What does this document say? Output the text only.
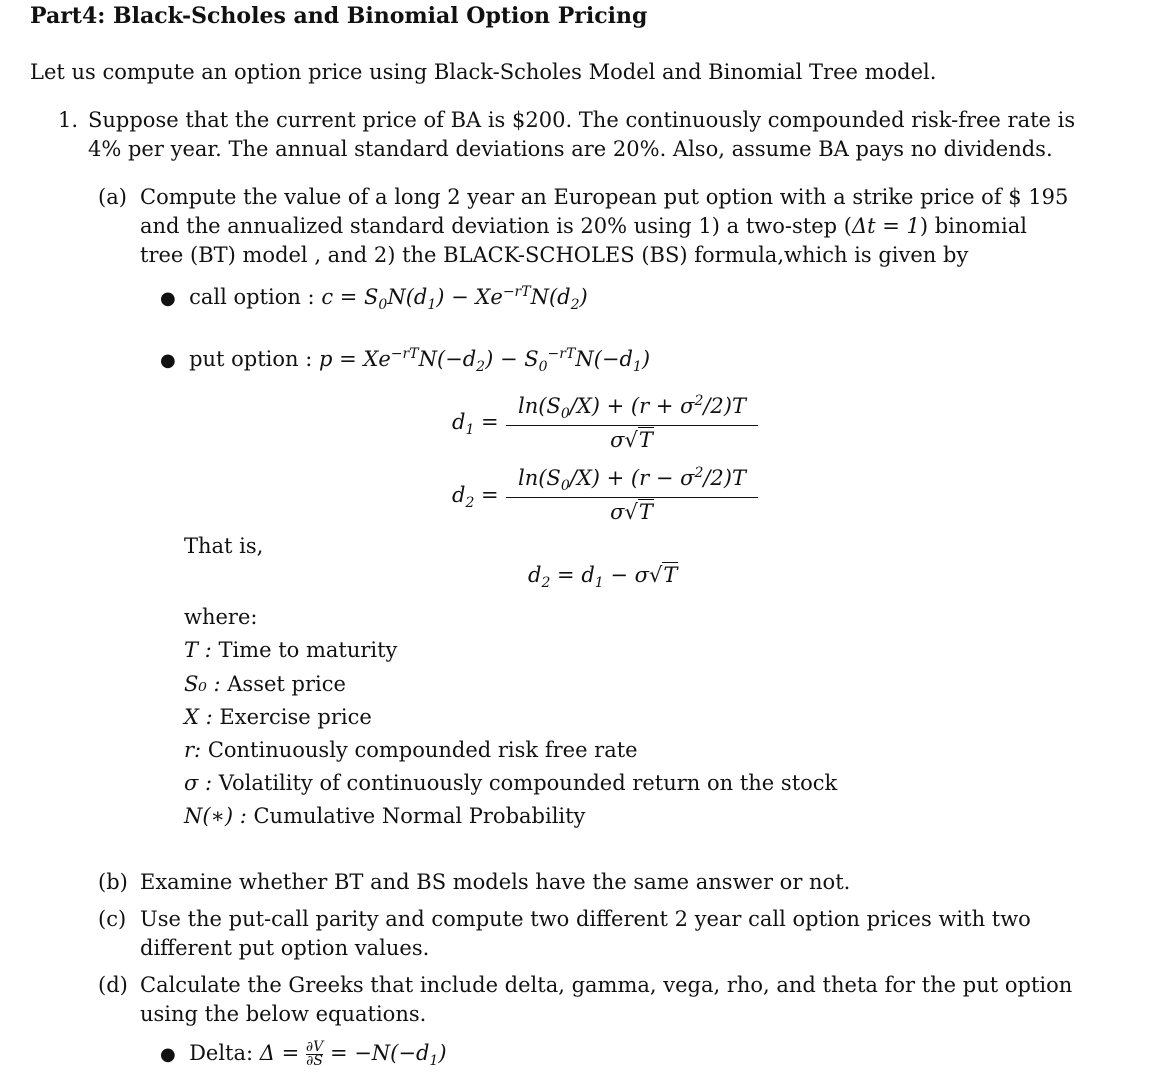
Part4: Black-Scholes and Binomial Option Pricing
Let us compute an option price using Black-Scholes Model and Binomial Tree model.
1. Suppose that the current price of BA is $200. The continuously compounded risk-free rate is
4% per year. The annual standard deviations are 20%. Also, assume BA pays no dividends.
(a) Compute the value of a long 2 year an European put option with a strike price of $ 195
and the annualized standard deviation is 20% using 1) a two-step (Δt = 1) binomial
tree (BT) model , and 2) the BLACK-SCHOLES (BS) formula,which is given by
● call option : $c = S_0N(d_1) - Xe^{-rT}N(d_2)$
● put option : $p = Xe^{-rT}N(-d_2) - S_0^{-rT}N(-d_1)$
$d_1 = \frac{\ln(S_0/X) + (r + \sigma^2/2)T}{\sigma√T}$
$d_2 = \frac{\ln(S_0/X) + (r - \sigma^2/2)T}{\sigma√T}$
That is,
$d_2 = d_1 - \sigma√T$
where:
T : Time to maturity
S₀ : Asset price
X : Exercise price
r: Continuously compounded risk free rate
σ : Volatility of continuously compounded return on the stock
N(∗) : Cumulative Normal Probability
(b) Examine whether BT and BS models have the same answer or not.
(c) Use the put-call parity and compute two different 2 year call option prices with two
different put option values.
(d) Calculate the Greeks that include delta, gamma, vega, rho, and theta for the put option
using the below equations.
● Delta: $\Delta = \frac{\partial V}{\partial S} = -N(-d_1)$
